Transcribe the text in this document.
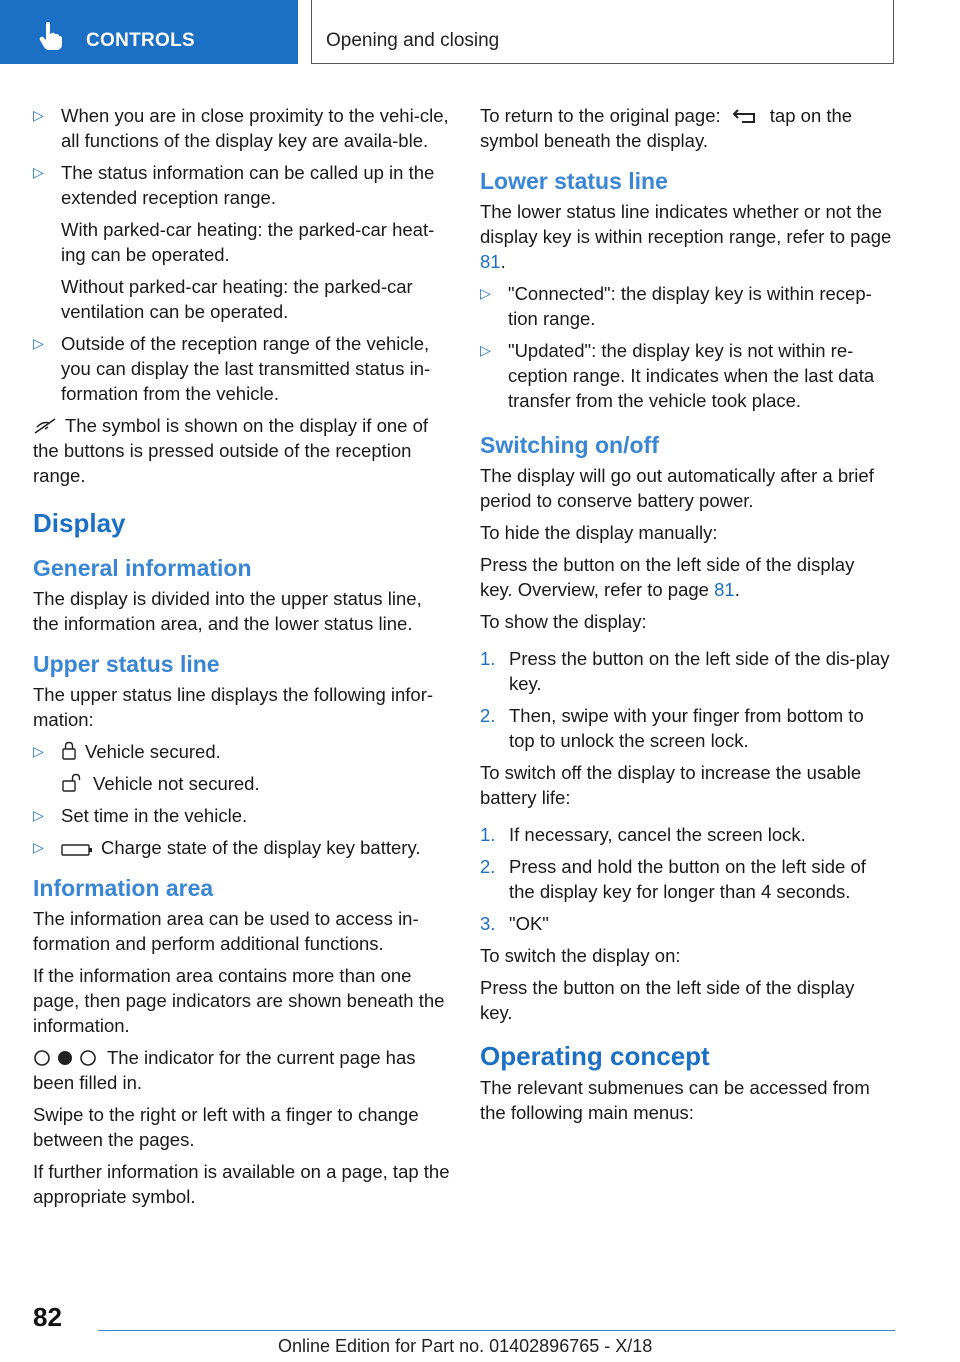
CONTROLS	Opening and closing
▷ When you are in close proximity to the vehi-cle, all functions of the display key are availa-ble.
▷ The status information can be called up in the extended reception range.
With parked-car heating: the parked-car heat-ing can be operated.
Without parked-car heating: the parked-car ventilation can be operated.
▷ Outside of the reception range of the vehicle, you can display the last transmitted status in-formation from the vehicle.

The symbol is shown on the display if one of the buttons is pressed outside of the reception range.

Display
General information

The display is divided into the upper status line, the information area, and the lower status line.

Upper status line

The upper status line displays the following infor-mation:

▷ Vehicle secured.
Vehicle not secured.
▷ Set time in the vehicle.
▷	Charge state of the display key battery.
Information area

The information area can be used to access in-formation and perform additional functions.

If the information area contains more than one page, then page indicators are shown beneath the information.

The indicator for the current page has been filled in.

Swipe to the right or left with a finger to change between the pages.

If further information is available on a page, tap the appropriate symbol.

To return to the original page:	tap on the symbol beneath the display.

Lower status line

The lower status line indicates whether or not the display key is within reception range, refer to page 81.

▷ "Connected": the display key is within recep-tion range.
▷ "Updated": the display key is not within re-ception range. It indicates when the last data transfer from the vehicle took place.
Switching on/off

The display will go out automatically after a brief period to conserve battery power.

To hide the display manually:

Press the button on the left side of the display key. Overview, refer to page 81.

To show the display:

1. Press the button on the left side of the dis-play key.
2. Then, swipe with your finger from bottom to top to unlock the screen lock.

To switch off the display to increase the usable battery life:

1. If necessary, cancel the screen lock.
2. Press and hold the button on the left side of the display key for longer than 4 seconds.
3. "OK"

To switch the display on:

Press the button on the left side of the display key.

Operating concept

The relevant submenues can be accessed from the following main menus:

82
Online Edition for Part no. 01402896765 - X/18
